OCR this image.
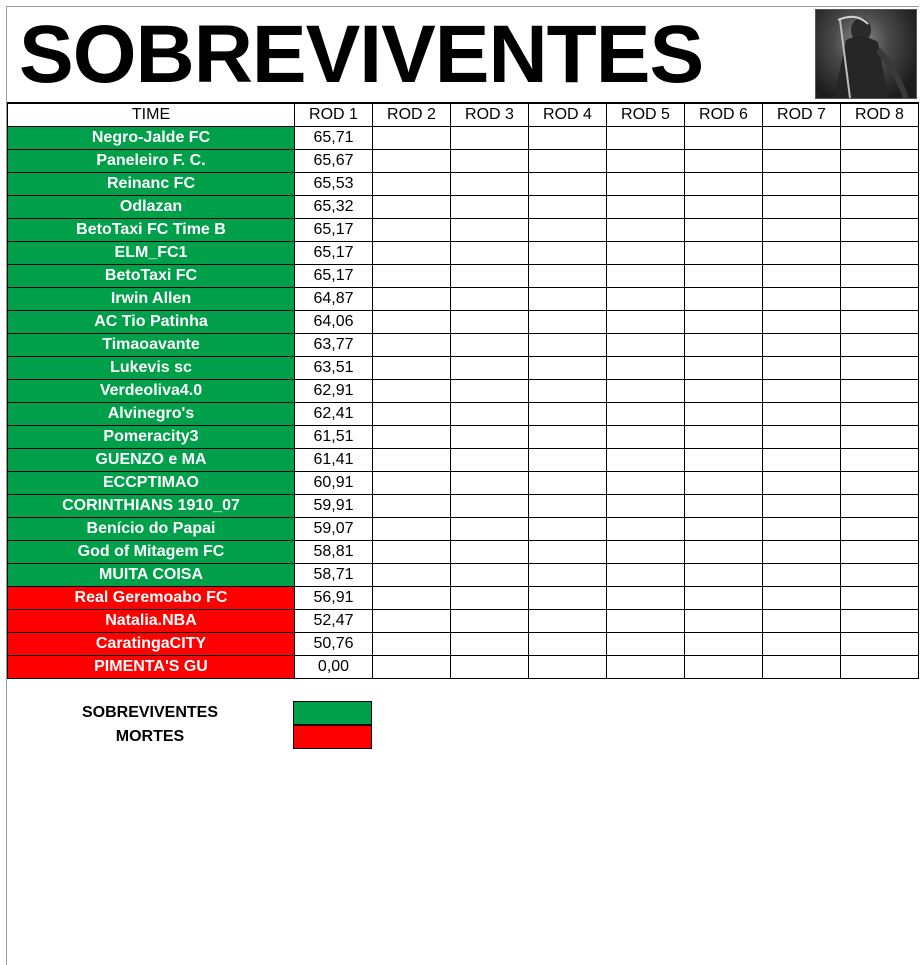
SOBREVIVENTES
TIME	ROD 1	ROD 2	ROD 3	ROD 4	ROD 5	ROD 6	ROD 7	ROD 8
Negro-Jalde FC	65,71							
Paneleiro F. C.	65,67							
Reinanc FC	65,53							
Odlazan	65,32							
BetoTaxi FC Time B	65,17							
ELM_FC1	65,17							
BetoTaxi FC	65,17							
Irwin Allen	64,87							
AC Tio Patinha	64,06							
Timaoavante	63,77							
Lukevis sc	63,51							
Verdeoliva4.0	62,91							
Alvinegro's	62,41							
Pomeracity3	61,51							
GUENZO e MA	61,41							
ECCPTIMAO	60,91							
CORINTHIANS 1910_07	59,91							
Benício do Papai	59,07							
God of Mitagem FC	58,81							
MUITA COISA	58,71							
Real Geremoabo FC	56,91							
Natalia.NBA	52,47							
CaratingaCITY	50,76							
PIMENTA'S GU	0,00							
SOBREVIVENTES
MORTES
